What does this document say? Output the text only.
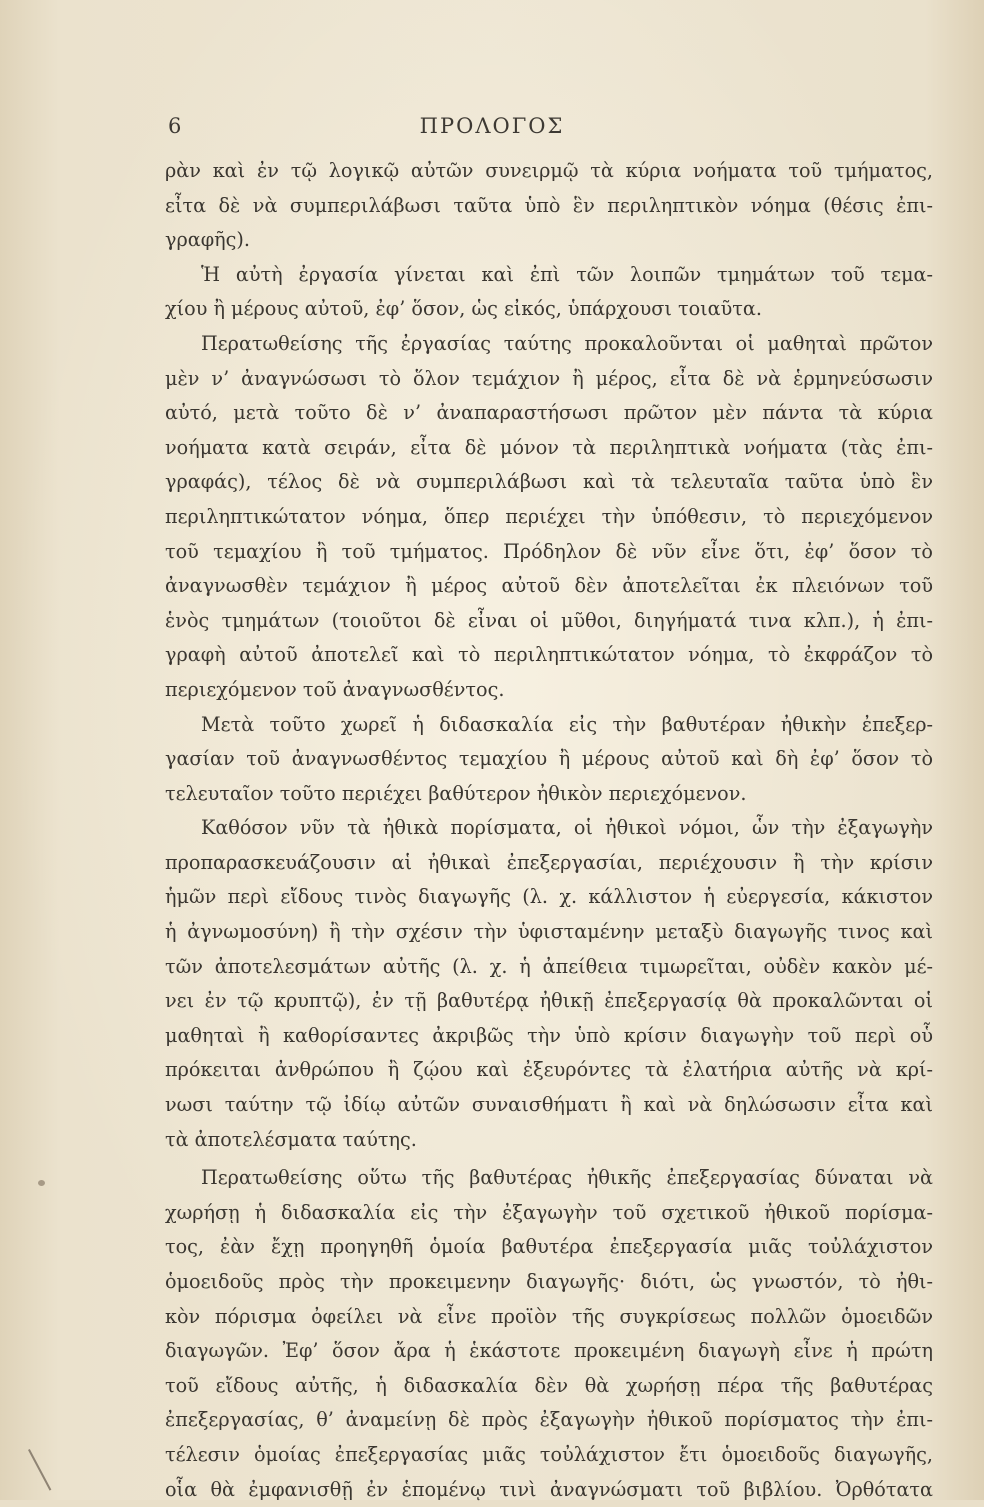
6	ΠΡΟΛΟΓΟΣ
ρὰν καὶ ἐν τῷ λογικῷ αὐτῶν συνειρμῷ τὰ κύρια νοήματα τοῦ τμήματος,
εἶτα δὲ νὰ συμπεριλάβωσι ταῦτα ὑπὸ ἓν περιληπτικὸν νόημα (θέσις ἐπι-
γραφῆς).
Ἡ αὐτὴ ἐργασία γίνεται καὶ ἐπὶ τῶν λοιπῶν τμημάτων τοῦ τεμα-
χίου ἢ μέρους αὐτοῦ, ἐφ’ ὅσον, ὡς εἰκός, ὑπάρχουσι τοιαῦτα.
Περατωθείσης τῆς ἐργασίας ταύτης προκαλοῦνται οἱ μαθηταὶ πρῶτον
μὲν ν’ ἀναγνώσωσι τὸ ὅλον τεμάχιον ἢ μέρος, εἶτα δὲ νὰ ἑρμηνεύσωσιν
αὐτό, μετὰ τοῦτο δὲ ν’ ἀναπαραστήσωσι πρῶτον μὲν πάντα τὰ κύρια
νοήματα κατὰ σειράν, εἶτα δὲ μόνον τὰ περιληπτικὰ νοήματα (τὰς ἐπι-
γραφάς), τέλος δὲ νὰ συμπεριλάβωσι καὶ τὰ τελευταῖα ταῦτα ὑπὸ ἓν
περιληπτικώτατον νόημα, ὅπερ περιέχει τὴν ὑπόθεσιν, τὸ περιεχόμενον
τοῦ τεμαχίου ἢ τοῦ τμήματος. Πρόδηλον δὲ νῦν εἶνε ὅτι, ἐφ’ ὅσον τὸ
ἀναγνωσθὲν τεμάχιον ἢ μέρος αὐτοῦ δὲν ἀποτελεῖται ἐκ πλειόνων τοῦ
ἑνὸς τμημάτων (τοιοῦτοι δὲ εἶναι οἱ μῦθοι, διηγήματά τινα κλπ.), ἡ ἐπι-
γραφὴ αὐτοῦ ἀποτελεῖ καὶ τὸ περιληπτικώτατον νόημα, τὸ ἐκφράζον τὸ
περιεχόμενον τοῦ ἀναγνωσθέντος.
Μετὰ τοῦτο χωρεῖ ἡ διδασκαλία εἰς τὴν βαθυτέραν ἠθικὴν ἐπεξερ-
γασίαν τοῦ ἀναγνωσθέντος τεμαχίου ἢ μέρους αὐτοῦ καὶ δὴ ἐφ’ ὅσον τὸ
τελευταῖον τοῦτο περιέχει βαθύτερον ἠθικὸν περιεχόμενον.
Καθόσον νῦν τὰ ἠθικὰ πορίσματα, οἱ ἠθικοὶ νόμοι, ὧν τὴν ἐξαγωγὴν
προπαρασκευάζουσιν αἱ ἠθικαὶ ἐπεξεργασίαι, περιέχουσιν ἢ τὴν κρίσιν
ἡμῶν περὶ εἴδους τινὸς διαγωγῆς (λ. χ. κάλλιστον ἡ εὐεργεσία, κάκιστον
ἡ ἀγνωμοσύνη) ἢ τὴν σχέσιν τὴν ὑφισταμένην μεταξὺ διαγωγῆς τινος καὶ
τῶν ἀποτελεσμάτων αὐτῆς (λ. χ. ἡ ἀπείθεια τιμωρεῖται, οὐδὲν κακὸν μέ-
νει ἐν τῷ κρυπτῷ), ἐν τῇ βαθυτέρᾳ ἠθικῇ ἐπεξεργασίᾳ θὰ προκαλῶνται οἱ
μαθηταὶ ἢ καθορίσαντες ἀκριβῶς τὴν ὑπὸ κρίσιν διαγωγὴν τοῦ περὶ οὗ
πρόκειται ἀνθρώπου ἢ ζῴου καὶ ἐξευρόντες τὰ ἐλατήρια αὐτῆς νὰ κρί-
νωσι ταύτην τῷ ἰδίῳ αὐτῶν συναισθήματι ἢ καὶ νὰ δηλώσωσιν εἶτα καὶ
τὰ ἀποτελέσματα ταύτης.
Περατωθείσης οὕτω τῆς βαθυτέρας ἠθικῆς ἐπεξεργασίας δύναται νὰ
χωρήσῃ ἡ διδασκαλία εἰς τὴν ἐξαγωγὴν τοῦ σχετικοῦ ἠθικοῦ πορίσμα-
τος, ἐὰν ἔχῃ προηγηθῆ ὁμοία βαθυτέρα ἐπεξεργασία μιᾶς τοὐλάχιστον
ὁμοειδοῦς πρὸς τὴν προκειμενην διαγωγῆς· διότι, ὡς γνωστόν, τὸ ἠθι-
κὸν πόρισμα ὀφείλει νὰ εἶνε προϊὸν τῆς συγκρίσεως πολλῶν ὁμοειδῶν
διαγωγῶν. Ἐφ’ ὅσον ἄρα ἡ ἑκάστοτε προκειμένη διαγωγὴ εἶνε ἡ πρώτη
τοῦ εἴδους αὐτῆς, ἡ διδασκαλία δὲν θὰ χωρήσῃ πέρα τῆς βαθυτέρας
ἐπεξεργασίας, θ’ ἀναμείνῃ δὲ πρὸς ἐξαγωγὴν ἠθικοῦ πορίσματος τὴν ἐπι-
τέλεσιν ὁμοίας ἐπεξεργασίας μιᾶς τοὐλάχιστον ἔτι ὁμοειδοῦς διαγωγῆς,
οἷα θὰ ἐμφανισθῇ ἐν ἑπομένῳ τινὶ ἀναγνώσματι τοῦ βιβλίου. Ὀρθότατα
